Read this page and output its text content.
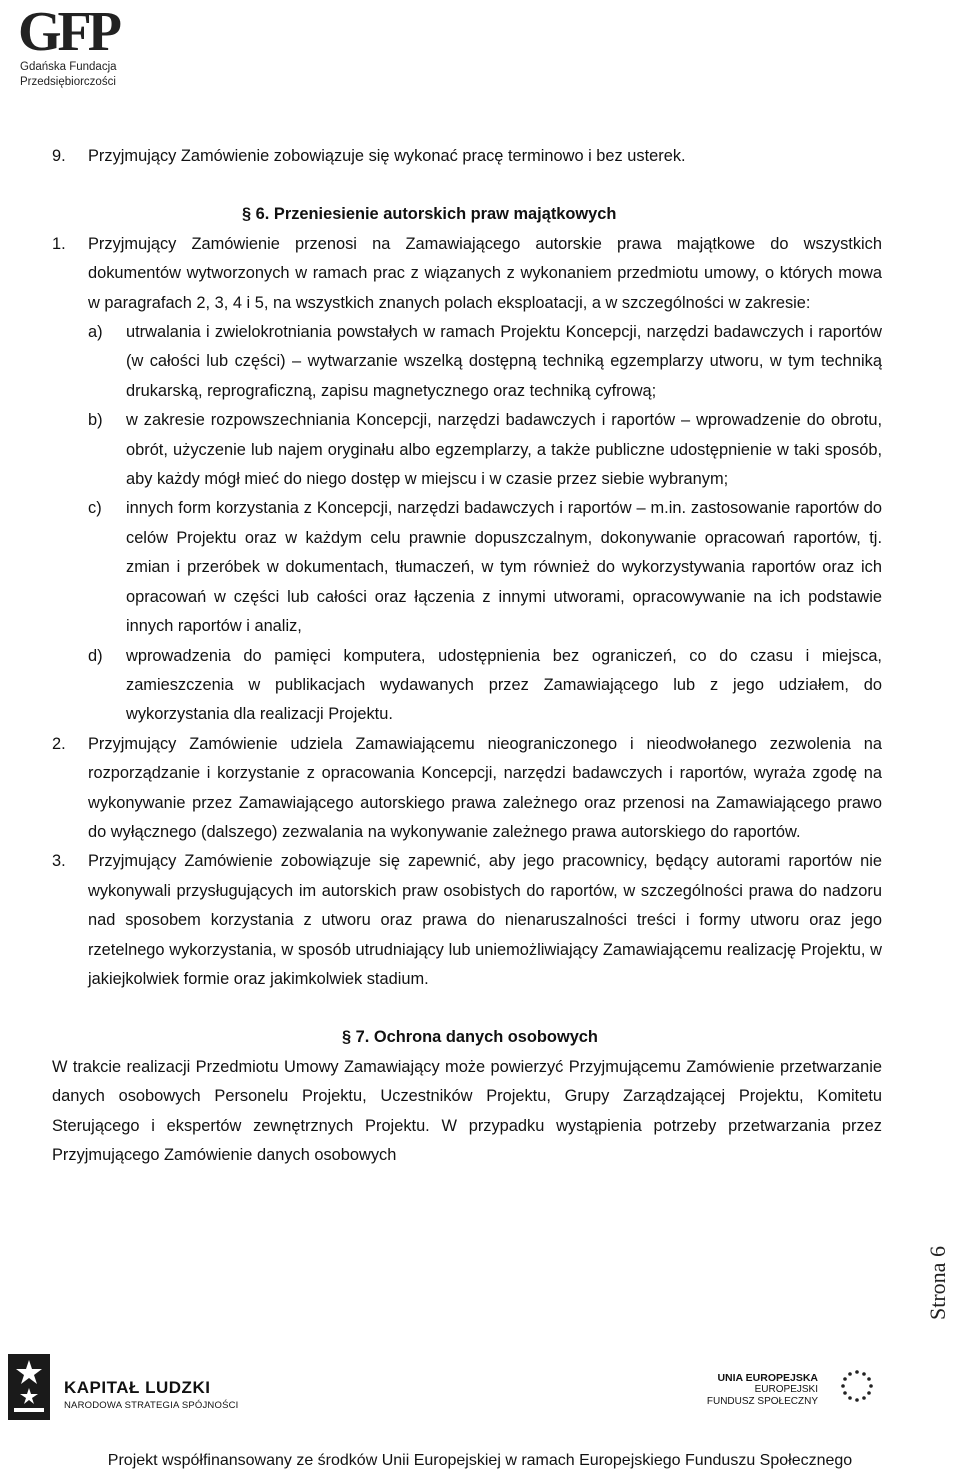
GFP
Gdańska Fundacja
Przedsiębiorczości
9. Przyjmujący Zamówienie zobowiązuje się wykonać pracę terminowo i bez usterek.
§ 6. Przeniesienie autorskich praw majątkowych
1. Przyjmujący Zamówienie przenosi na Zamawiającego autorskie prawa majątkowe do wszystkich dokumentów wytworzonych w ramach prac z wiązanych z wykonaniem przedmiotu umowy, o których mowa w paragrafach 2, 3, 4 i 5, na wszystkich znanych polach eksploatacji, a w szczególności w zakresie:
a) utrwalania i zwielokrotniania powstałych w ramach Projektu Koncepcji, narzędzi badawczych i raportów (w całości lub części) – wytwarzanie wszelką dostępną techniką egzemplarzy utworu, w tym techniką drukarską, reprograficzną, zapisu magnetycznego oraz techniką cyfrową;
b) w zakresie rozpowszechniania Koncepcji, narzędzi badawczych i raportów – wprowadzenie do obrotu, obrót, użyczenie lub najem oryginału albo egzemplarzy, a także publiczne udostępnienie w taki sposób, aby każdy mógł mieć do niego dostęp w miejscu i w czasie przez siebie wybranym;
c) innych form korzystania z Koncepcji, narzędzi badawczych i raportów – m.in. zastosowanie raportów do celów Projektu oraz w każdym celu prawnie dopuszczalnym, dokonywanie opracowań raportów, tj. zmian i przeróbek w dokumentach, tłumaczeń, w tym również do wykorzystywania raportów oraz ich opracowań w części lub całości oraz łączenia z innymi utworami, opracowywanie na ich podstawie innych raportów i analiz,
d) wprowadzenia do pamięci komputera, udostępnienia bez ograniczeń, co do czasu i miejsca, zamieszczenia w publikacjach wydawanych przez Zamawiającego lub z jego udziałem, do wykorzystania dla realizacji Projektu.
2. Przyjmujący Zamówienie udziela Zamawiającemu nieograniczonego i nieodwołanego zezwolenia na rozporządzanie i korzystanie z opracowania Koncepcji, narzędzi badawczych i raportów, wyraża zgodę na wykonywanie przez Zamawiającego autorskiego prawa zależnego oraz przenosi na Zamawiającego prawo do wyłącznego (dalszego) zezwalania na wykonywanie zależnego prawa autorskiego do raportów.
3. Przyjmujący Zamówienie zobowiązuje się zapewnić, aby jego pracownicy, będący autorami raportów nie wykonywali przysługujących im autorskich praw osobistych do raportów, w szczególności prawa do nadzoru nad sposobem korzystania z utworu oraz prawa do nienaruszalności treści i formy utworu oraz jego rzetelnego wykorzystania, w sposób utrudniający lub uniemożliwiający Zamawiającemu realizację Projektu, w jakiejkolwiek formie oraz jakimkolwiek stadium.
§ 7. Ochrona danych osobowych
W trakcie realizacji Przedmiotu Umowy Zamawiający może powierzyć Przyjmującemu Zamówienie przetwarzanie danych osobowych Personelu Projektu, Uczestników Projektu, Grupy Zarządzającej Projektu, Komitetu Sterującego i ekspertów zewnętrznych Projektu. W przypadku wystąpienia potrzeby przetwarzania przez Przyjmującego Zamówienie danych osobowych
Strona 6
KAPITAŁ LUDZKI
NARODOWA STRATEGIA SPÓJNOŚCI
UNIA EUROPEJSKA
EUROPEJSKI
FUNDUSZ SPOŁECZNY
Projekt współfinansowany ze środków Unii Europejskiej w ramach Europejskiego Funduszu Społecznego
